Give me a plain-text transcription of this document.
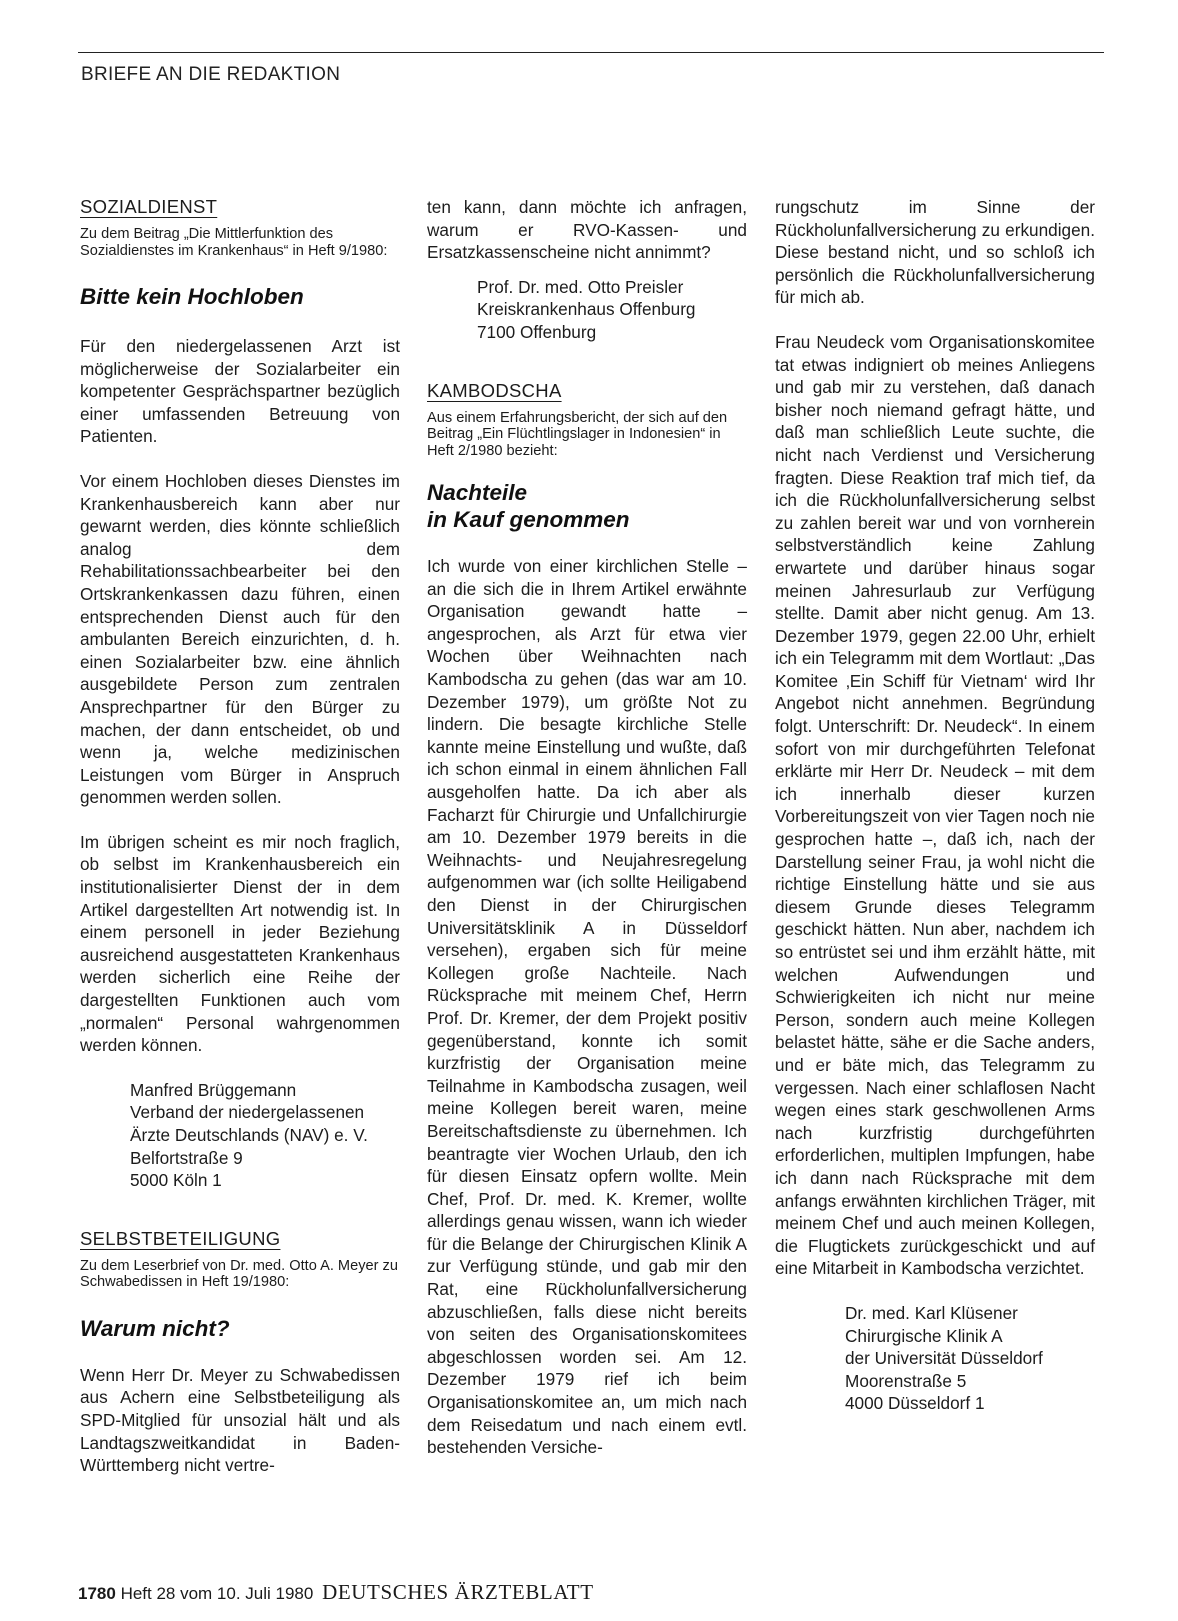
BRIEFE AN DIE REDAKTION

SOZIALDIENST

Zu dem Beitrag „Die Mittlerfunktion des Sozialdienstes im Krankenhaus“ in Heft 9/1980:

Bitte kein Hochloben

Für den niedergelassenen Arzt ist möglicherweise der Sozialarbeiter ein kompetenter Gesprächspartner bezüglich einer umfassenden Betreuung von Patienten.

Vor einem Hochloben dieses Dienstes im Krankenhausbereich kann aber nur gewarnt werden, dies könnte schließlich analog dem Rehabilitationssachbearbeiter bei den Ortskrankenkassen dazu führen, einen entsprechenden Dienst auch für den ambulanten Bereich einzurichten, d. h. einen Sozialarbeiter bzw. eine ähnlich ausgebildete Person zum zentralen Ansprechpartner für den Bürger zu machen, der dann entscheidet, ob und wenn ja, welche medizinischen Leistungen vom Bürger in Anspruch genommen werden sollen.

Im übrigen scheint es mir noch fraglich, ob selbst im Krankenhausbereich ein institutionalisierter Dienst der in dem Artikel dargestellten Art notwendig ist. In einem personell in jeder Beziehung ausreichend ausgestatteten Krankenhaus werden sicherlich eine Reihe der dargestellten Funktionen auch vom „normalen“ Personal wahrgenommen werden können.

Manfred Brüggemann
Verband der niedergelassenen
Ärzte Deutschlands (NAV) e. V.
Belfortstraße 9
5000 Köln 1

SELBSTBETEILIGUNG

Zu dem Leserbrief von Dr. med. Otto A. Meyer zu Schwabedissen in Heft 19/1980:

Warum nicht?

Wenn Herr Dr. Meyer zu Schwabedissen aus Achern eine Selbstbeteiligung als SPD-Mitglied für unsozial hält und als Landtagszweitkandidat in Baden-Württemberg nicht vertre-

ten kann, dann möchte ich anfragen, warum er RVO-Kassen- und Ersatzkassenscheine nicht annimmt?

Prof. Dr. med. Otto Preisler
Kreiskrankenhaus Offenburg
7100 Offenburg

KAMBODSCHA

Aus einem Erfahrungsbericht, der sich auf den Beitrag „Ein Flüchtlingslager in Indonesien“ in Heft 2/1980 bezieht:

Nachteile
in Kauf genommen

Ich wurde von einer kirchlichen Stelle – an die sich die in Ihrem Artikel erwähnte Organisation gewandt hatte – angesprochen, als Arzt für etwa vier Wochen über Weihnachten nach Kambodscha zu gehen (das war am 10. Dezember 1979), um größte Not zu lindern. Die besagte kirchliche Stelle kannte meine Einstellung und wußte, daß ich schon einmal in einem ähnlichen Fall ausgeholfen hatte. Da ich aber als Facharzt für Chirurgie und Unfallchirurgie am 10. Dezember 1979 bereits in die Weihnachts- und Neujahresregelung aufgenommen war (ich sollte Heiligabend den Dienst in der Chirurgischen Universitätsklinik A in Düsseldorf versehen), ergaben sich für meine Kollegen große Nachteile. Nach Rücksprache mit meinem Chef, Herrn Prof. Dr. Kremer, der dem Projekt positiv gegenüberstand, konnte ich somit kurzfristig der Organisation meine Teilnahme in Kambodscha zusagen, weil meine Kollegen bereit waren, meine Bereitschaftsdienste zu übernehmen. Ich beantragte vier Wochen Urlaub, den ich für diesen Einsatz opfern wollte. Mein Chef, Prof. Dr. med. K. Kremer, wollte allerdings genau wissen, wann ich wieder für die Belange der Chirurgischen Klinik A zur Verfügung stünde, und gab mir den Rat, eine Rückholunfallversicherung abzuschließen, falls diese nicht bereits von seiten des Organisationskomitees abgeschlossen worden sei. Am 12. Dezember 1979 rief ich beim Organisationskomitee an, um mich nach dem Reisedatum und nach einem evtl. bestehenden Versiche-

rungschutz im Sinne der Rückholunfallversicherung zu erkundigen. Diese bestand nicht, und so schloß ich persönlich die Rückholunfallversicherung für mich ab.

Frau Neudeck vom Organisationskomitee tat etwas indigniert ob meines Anliegens und gab mir zu verstehen, daß danach bisher noch niemand gefragt hätte, und daß man schließlich Leute suchte, die nicht nach Verdienst und Versicherung fragten. Diese Reaktion traf mich tief, da ich die Rückholunfallversicherung selbst zu zahlen bereit war und von vornherein selbstverständlich keine Zahlung erwartete und darüber hinaus sogar meinen Jahresurlaub zur Verfügung stellte. Damit aber nicht genug. Am 13. Dezember 1979, gegen 22.00 Uhr, erhielt ich ein Telegramm mit dem Wortlaut: „Das Komitee ‚Ein Schiff für Vietnam‘ wird Ihr Angebot nicht annehmen. Begründung folgt. Unterschrift: Dr. Neudeck“. In einem sofort von mir durchgeführten Telefonat erklärte mir Herr Dr. Neudeck – mit dem ich innerhalb dieser kurzen Vorbereitungszeit von vier Tagen noch nie gesprochen hatte –, daß ich, nach der Darstellung seiner Frau, ja wohl nicht die richtige Einstellung hätte und sie aus diesem Grunde dieses Telegramm geschickt hätten. Nun aber, nachdem ich so entrüstet sei und ihm erzählt hätte, mit welchen Aufwendungen und Schwierigkeiten ich nicht nur meine Person, sondern auch meine Kollegen belastet hätte, sähe er die Sache anders, und er bäte mich, das Telegramm zu vergessen. Nach einer schlaflosen Nacht wegen eines stark geschwollenen Arms nach kurzfristig durchgeführten erforderlichen, multiplen Impfungen, habe ich dann nach Rücksprache mit dem anfangs erwähnten kirchlichen Träger, mit meinem Chef und auch meinen Kollegen, die Flugtickets zurückgeschickt und auf eine Mitarbeit in Kambodscha verzichtet.

Dr. med. Karl Klüsener
Chirurgische Klinik A
der Universität Düsseldorf
Moorenstraße 5
4000 Düsseldorf 1
1780 Heft 28 vom 10. Juli 1980 DEUTSCHES ÄRZTEBLATT
